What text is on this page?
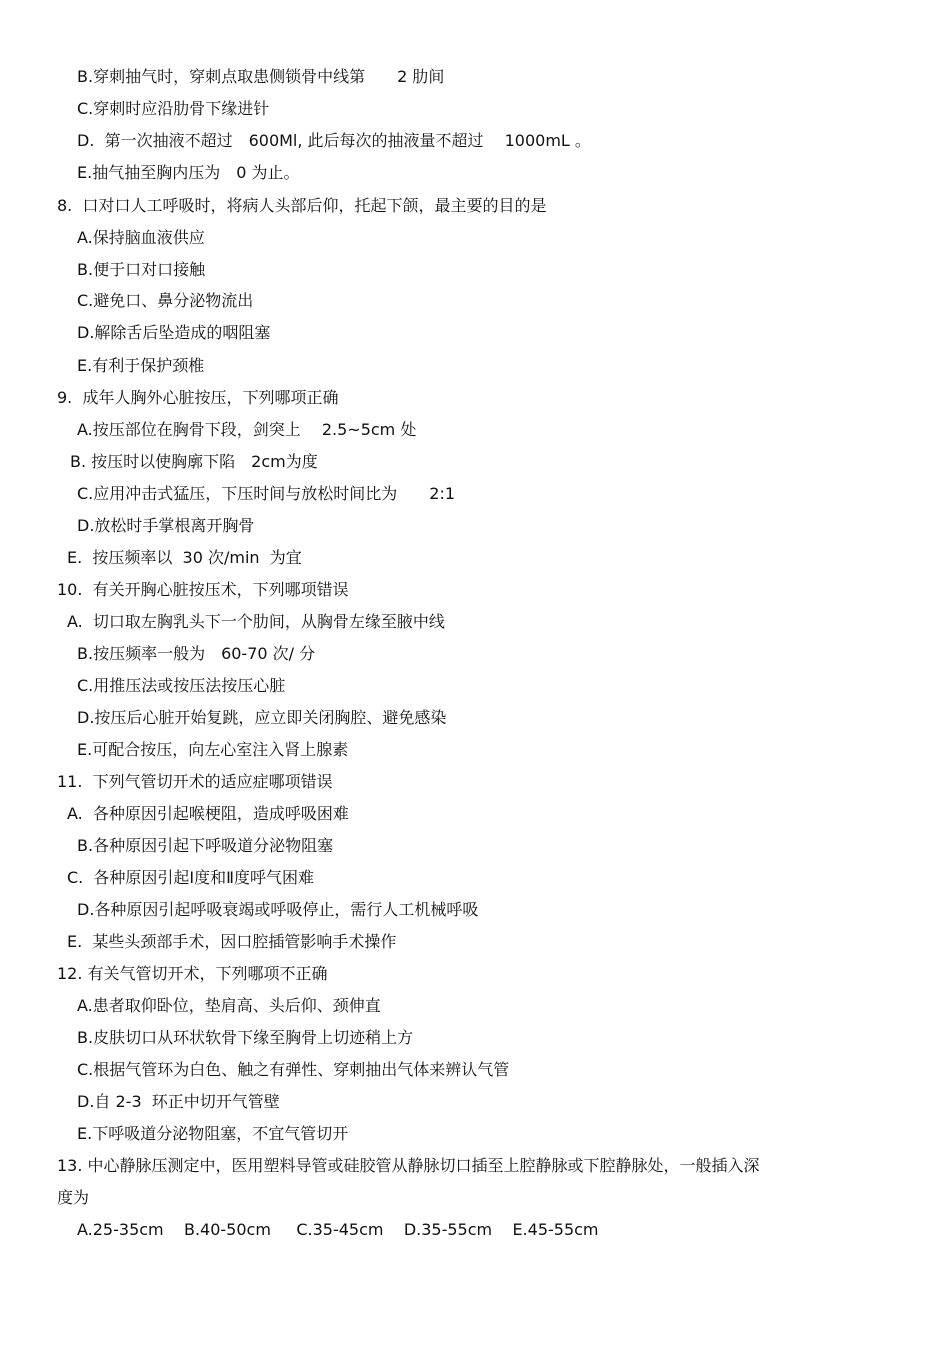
B.穿刺抽气时，穿刺点取患侧锁骨中线第　　2 肋间
C.穿刺时应沿肋骨下缘进针
D.  第一次抽液不超过　600Ml, 此后每次的抽液量不超过　 1000mL 。
E.抽气抽至胸内压为　0 为止。
8.  口对口人工呼吸时，将病人头部后仰，托起下颌，最主要的目的是
A.保持脑血液供应
B.便于口对口接触
C.避免口、鼻分泌物流出
D.解除舌后坠造成的咽阻塞
E.有利于保护颈椎
9.  成年人胸外心脏按压，下列哪项正确
A.按压部位在胸骨下段，剑突上　 2.5~5cm 处
B. 按压时以使胸廓下陷　2cm为度
C.应用冲击式猛压，下压时间与放松时间比为　　2:1
D.放松时手掌根离开胸骨
E.  按压频率以  30 次/min  为宜
10.  有关开胸心脏按压术，下列哪项错误
A.  切口取左胸乳头下一个肋间，从胸骨左缘至腋中线
B.按压频率一般为　60-70 次/ 分
C.用推压法或按压法按压心脏
D.按压后心脏开始复跳，应立即关闭胸腔、避免感染
E.可配合按压，向左心室注入肾上腺素
11.  下列气管切开术的适应症哪项错误
A.  各种原因引起喉梗阻，造成呼吸困难
B.各种原因引起下呼吸道分泌物阻塞
C.  各种原因引起Ⅰ度和Ⅱ度呼气困难
D.各种原因引起呼吸衰竭或呼吸停止，需行人工机械呼吸
E.  某些头颈部手术，因口腔插管影响手术操作
12. 有关气管切开术，下列哪项不正确
A.患者取仰卧位，垫肩高、头后仰、颈伸直
B.皮肤切口从环状软骨下缘至胸骨上切迹稍上方
C.根据气管环为白色、触之有弹性、穿刺抽出气体来辨认气管
D.自 2-3  环正中切开气管壁
E.下呼吸道分泌物阻塞，不宜气管切开
13. 中心静脉压测定中，医用塑料导管或硅胶管从静脉切口插至上腔静脉或下腔静脉处，一般插入深
度为
A.25-35cm    B.40-50cm     C.35-45cm    D.35-55cm    E.45-55cm
